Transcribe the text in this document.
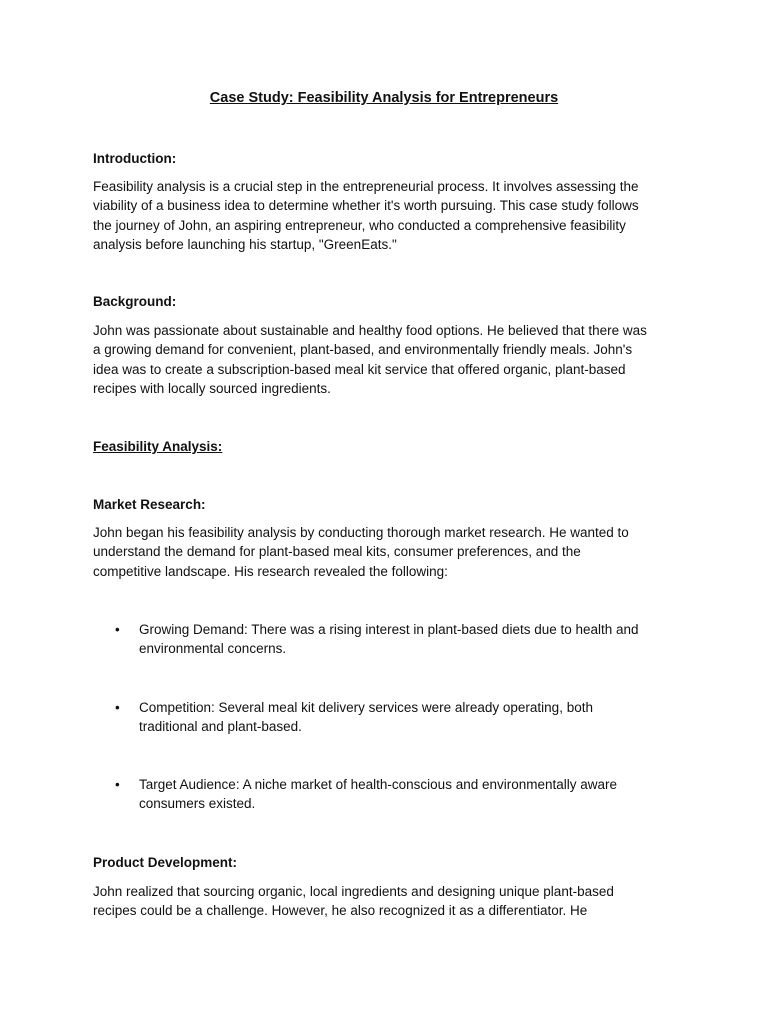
Case Study: Feasibility Analysis for Entrepreneurs
Introduction:
Feasibility analysis is a crucial step in the entrepreneurial process. It involves assessing the
viability of a business idea to determine whether it's worth pursuing. This case study follows
the journey of John, an aspiring entrepreneur, who conducted a comprehensive feasibility
analysis before launching his startup, "GreenEats."
Background:
John was passionate about sustainable and healthy food options. He believed that there was
a growing demand for convenient, plant-based, and environmentally friendly meals. John's
idea was to create a subscription-based meal kit service that offered organic, plant-based
recipes with locally sourced ingredients.
Feasibility Analysis:
Market Research:
John began his feasibility analysis by conducting thorough market research. He wanted to
understand the demand for plant-based meal kits, consumer preferences, and the
competitive landscape. His research revealed the following:
•	Growing Demand: There was a rising interest in plant-based diets due to health and
environmental concerns.
•	Competition: Several meal kit delivery services were already operating, both
traditional and plant-based.
•	Target Audience: A niche market of health-conscious and environmentally aware
consumers existed.
Product Development:
John realized that sourcing organic, local ingredients and designing unique plant-based
recipes could be a challenge. However, he also recognized it as a differentiator. He
